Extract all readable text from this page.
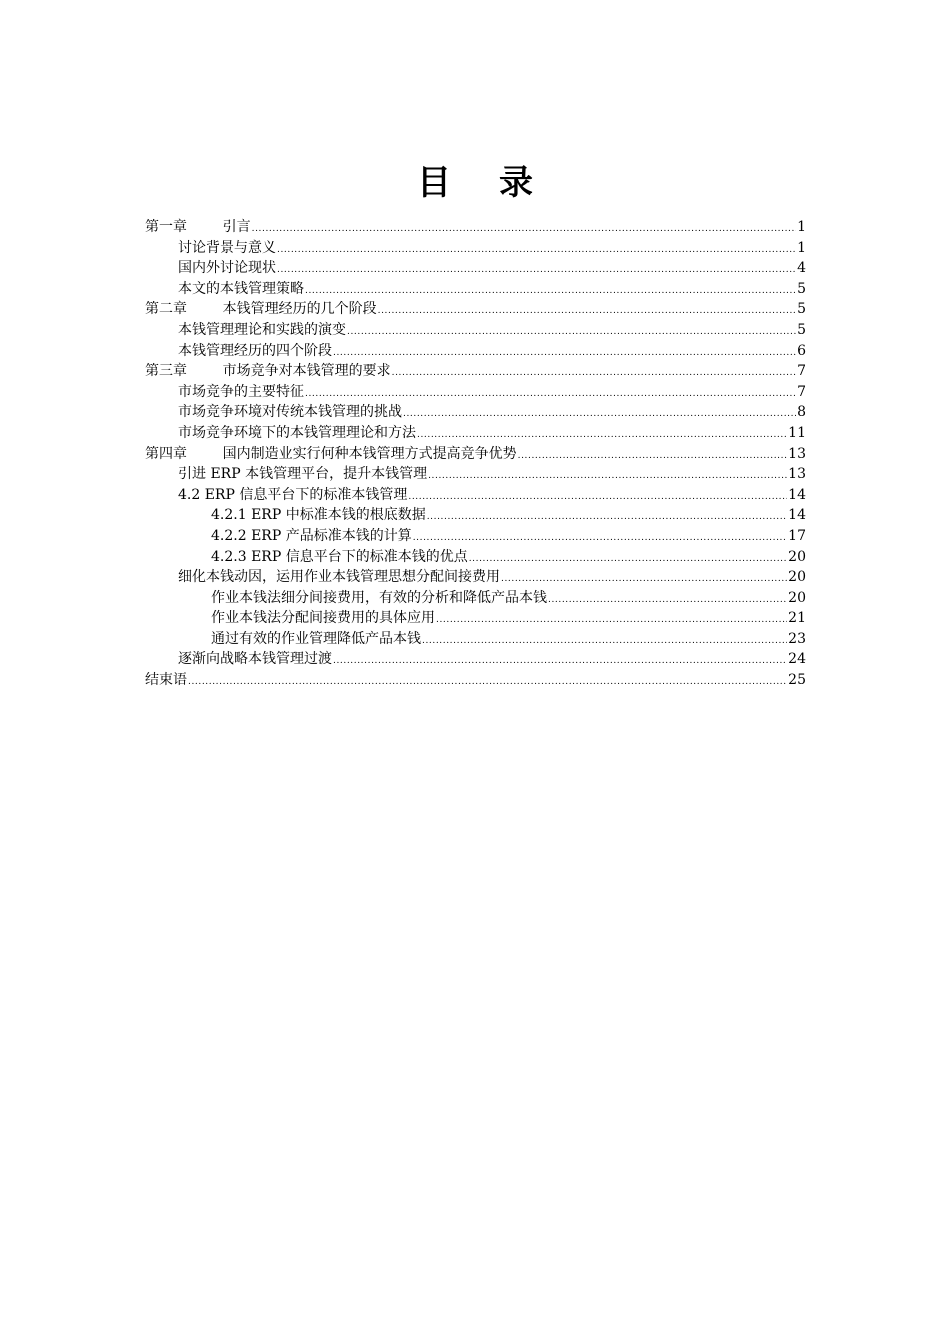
目录
第一章        引言 .....	1
讨论背景与意义 .....	1
国内外讨论现状 .....	4
本文的本钱管理策略 .....	5
第二章        本钱管理经历的几个阶段 .....	5
本钱管理理论和实践的演变 .....	5
本钱管理经历的四个阶段 .....	6
第三章        市场竞争对本钱管理的要求 .....	7
市场竞争的主要特征 .....	7
市场竞争环境对传统本钱管理的挑战 .....	8
市场竞争环境下的本钱管理理论和方法 .....	11
第四章        国内制造业实行何种本钱管理方式提高竞争优势 .....	13
引进 ERP 本钱管理平台，提升本钱管理 .....	13
4.2 ERP 信息平台下的标准本钱管理 .....	14
4.2.1 ERP 中标准本钱的根底数据 .....	14
4.2.2 ERP 产品标准本钱的计算 .....	17
4.2.3 ERP 信息平台下的标准本钱的优点 .....	20
细化本钱动因，运用作业本钱管理思想分配间接费用 .....	20
作业本钱法细分间接费用，有效的分析和降低产品本钱 .....	20
作业本钱法分配间接费用的具体应用 .....	21
通过有效的作业管理降低产品本钱 .....	23
逐渐向战略本钱管理过渡 .....	24
结束语 .....	25
